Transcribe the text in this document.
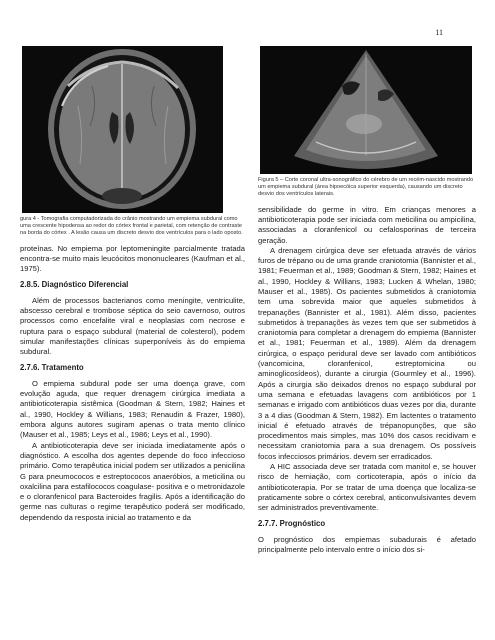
11
gura 4 - Tomografia computadorizada do crânio mostrando um empiema subdural como uma crescente hipodensa ao redor do córtex frontal e parietal, com retenção de contraste na borda do córtex . A lesão causa um discreto desvio dos ventrículos para o lado oposto.

proteínas. No empiema por leptomeningite parcialmente tratada encontra-se muito mais leucócitos mononucleares (Kaufman et al., 1975).

2.8.5. Diagnóstico Diferencial

Além de processos bacterianos como meningite, ventriculite, abscesso cerebral e trombose séptica do seio cavernoso, outros processos como encefalite viral e neoplasias com necrose e ruptura para o espaço subdural (material de colesterol), podem simular manifestações clínicas superponíveis às do empiema subdural.

2.7.6. Tratamento

O empiema subdural pode ser uma doença grave, com evolução aguda, que requer drenagem cirúrgica imediata a antibioticoterapia sistêmica (Goodman & Stern, 1982; Haines et al., 1990, Hockley & Willians, 1983; Renaudin & Frazer, 1980), embora alguns autores sugiram apenas o trata mento clínico (Mauser et al., 1985; Leys et al., 1986; Leys et al., 1990).

A antibioticoterapia deve ser iniciada imediatamente após o diagnóstico. A escolha dos agentes depende do foco infeccioso primário. Como terapêutica inicial podem ser utilizados a penicilina G para pneumococos e estreptococos anaeróbios, a meticilina ou oxalcilina para estafilococos coagulase- positiva e o metronidazole e o cloranfenicol para Bacteroides fragilis. Após a identificação do germe nas culturas o regime terapêutico poderá ser modificado, dependendo da resposta inicial ao tratamento e da

Figura 5 – Corte coronal ultra-sonográfico do cérebro de um recém-nascido mostrando um empiema subdural (área hipoecóica superior esquerda), causando um discreto desvio dos ventrículos laterais.

sensibilidade do germe in vitro. Em crianças menores a antibioticoterapia pode ser iniciada com meticilina ou ampicilina, associadas a cloranfenicol ou cefalosporinas de terceira geração.

A drenagem cirúrgica deve ser efetuada através de vários furos de trépano ou de uma grande craniotomia (Bannister et al., 1981; Feuerman et al., 1989; Goodman & Stern, 1982; Haines et al., 1990, Hockley & Willians, 1983; Lucken & Whelan, 1980; Mauser et al., 1985). Os pacientes submetidos à craniotomia tem uma sobrevida maior que aqueles submetidos à trepanações (Bannister et al., 1981). Além disso, pacientes submetidos à trepanações às vezes tem que ser submetidos à craniotomia para completar a drenagem do empiema (Bannister et al., 1981; Feuerman et al., 1989). Além da drenagem cirúrgica, o espaço peridural deve ser lavado com antibióticos (vancomicina, cloranfenicol, estreptomicina ou aminoglicosídeos), durante a cirurgia (Gourmley et al., 1996). Após a cirurgia são deixados drenos no espaço subdural por uma semana e efetuadas lavagens com antibióticos por 1 semanas e irrigado com antibióticos duas vezes por dia, durante 3 a 4 dias (Goodman & Stern, 1982). Em lactentes o tratamento inicial é efetuado através de trépanopunções, que são procedimentos mais simples, mas 10% dos casos recidivam e necessitam craniotomia para a sua drenagem. Os possíveis focos infecciosos primários. devem ser erradicados.

A HIC associada deve ser tratada com manitol e, se houver risco de herniação, com corticoterapia, após o início da antibioticoterapia. Por se tratar de uma doença que localiza-se praticamente sobre o córtex cerebral, anticonvulsivantes devem ser administrados preventivamente.

2.7.7. Prognóstico

O prognóstico dos empiemas subadurais é afetado principalmente pelo intervalo entre o início dos si-
